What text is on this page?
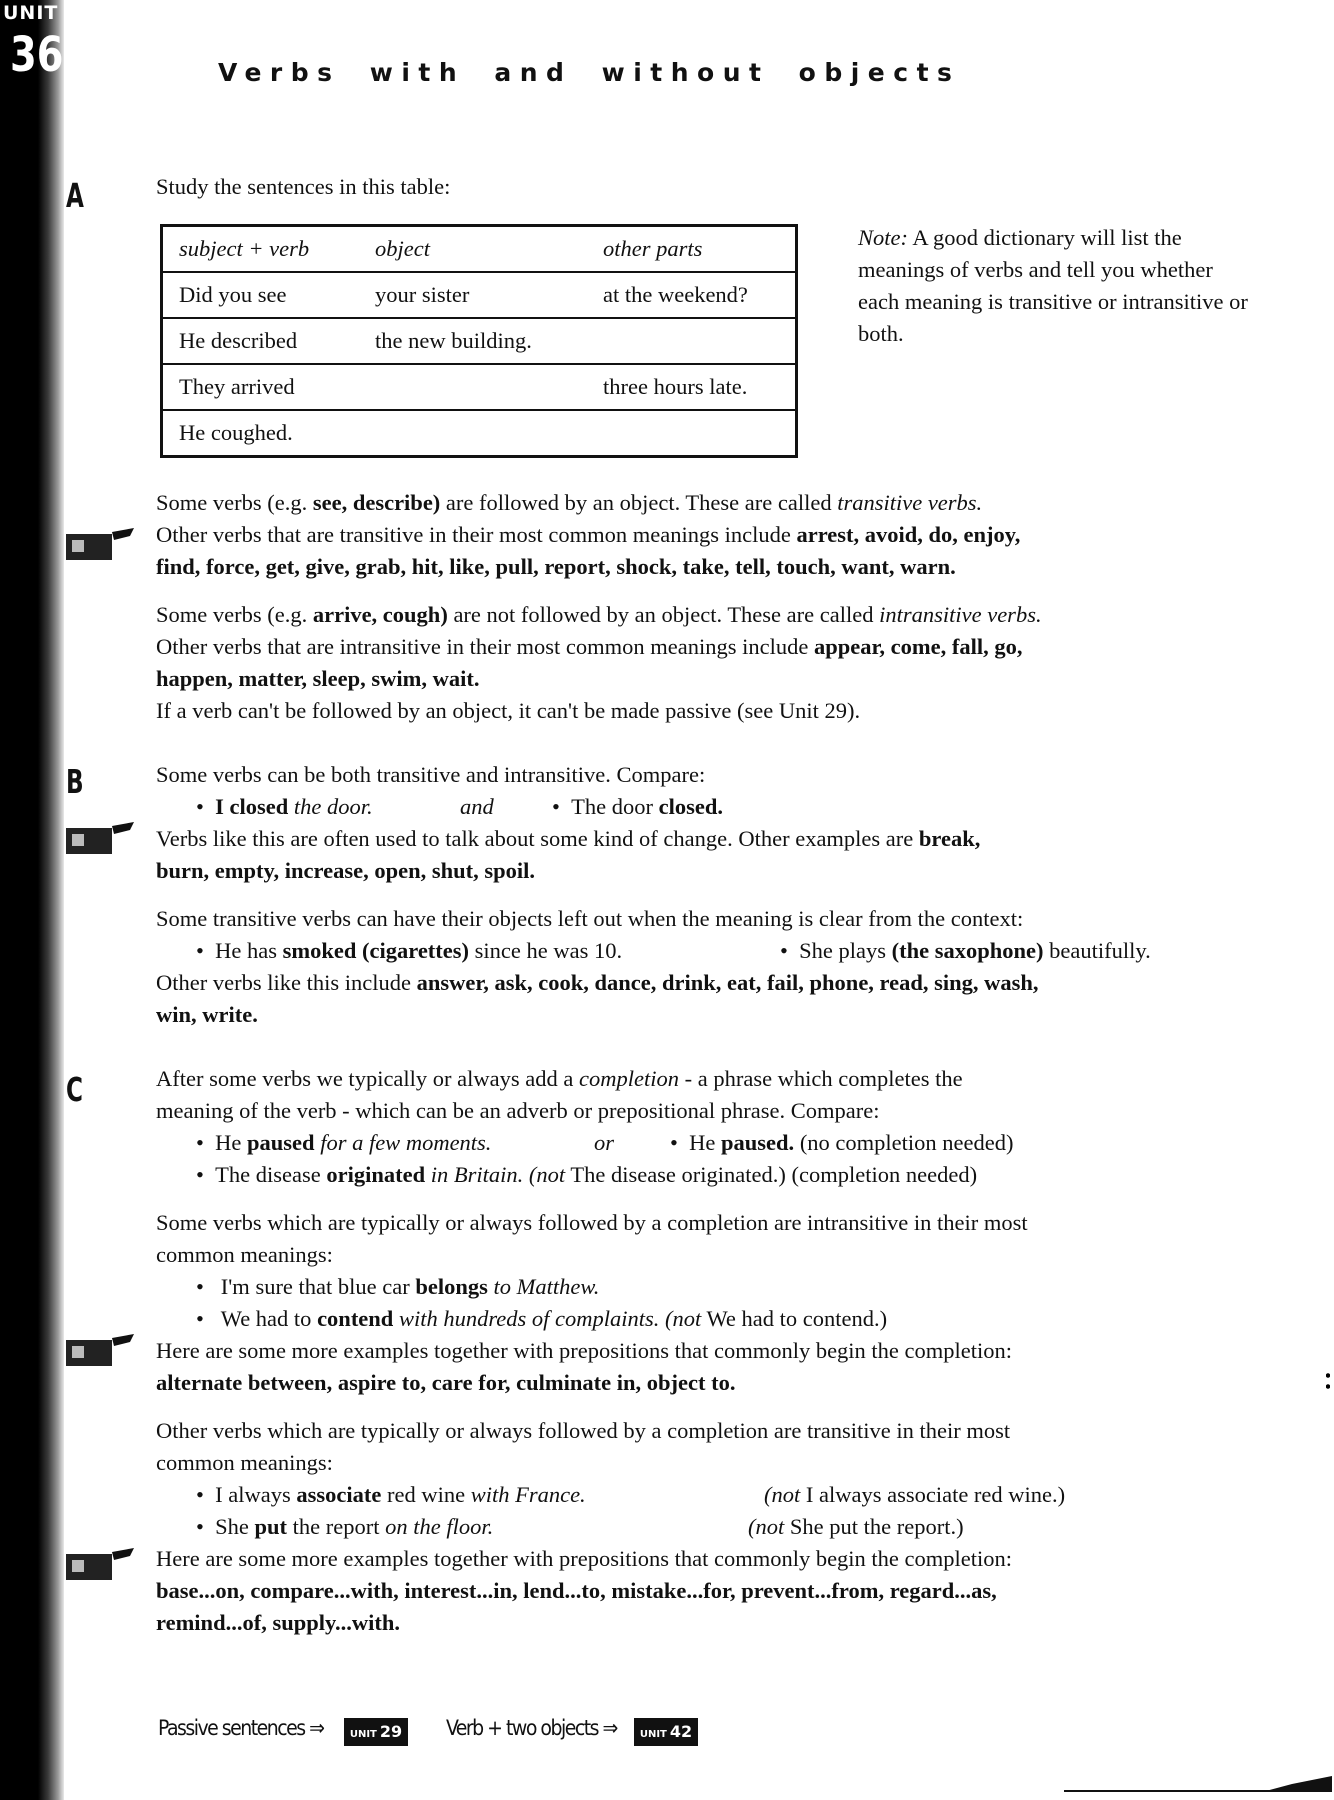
UNIT
36	Verbs with and without objects
A
B
C
Study the sentences in this table:
subject + verb	object	other parts
Did you see	your sister	at the weekend?
He described	the new building.	
They arrived		three hours late.
He coughed.		
Note: A good dictionary will list the meanings of verbs and tell you whether each meaning is transitive or intransitive or both.
Some verbs (e.g. see, describe) are followed by an object. These are called transitive verbs.
Other verbs that are transitive in their most common meanings include arrest, avoid, do, enjoy,
find, force, get, give, grab, hit, like, pull, report, shock, take, tell, touch, want, warn.
Some verbs (e.g. arrive, cough) are not followed by an object. These are called intransitive verbs.
Other verbs that are intransitive in their most common meanings include appear, come, fall, go,
happen, matter, sleep, swim, wait.
If a verb can't be followed by an object, it can't be made passive (see Unit 29).
Some verbs can be both transitive and intransitive. Compare:
•  I closed the door.	and	•  The door closed.
Verbs like this are often used to talk about some kind of change. Other examples are break,
burn, empty, increase, open, shut, spoil.
Some transitive verbs can have their objects left out when the meaning is clear from the context:
•  He has smoked (cigarettes) since he was 10.	•  She plays (the saxophone) beautifully.
Other verbs like this include answer, ask, cook, dance, drink, eat, fail, phone, read, sing, wash,
win, write.
After some verbs we typically or always add a completion - a phrase which completes the
meaning of the verb - which can be an adverb or prepositional phrase. Compare:
•  He paused for a few moments.	or •  He paused. (no completion needed)
•  The disease originated in Britain. (not The disease originated.) (completion needed)
Some verbs which are typically or always followed by a completion are intransitive in their most
common meanings:
•   I'm sure that blue car belongs to Matthew.
•   We had to contend with hundreds of complaints. (not We had to contend.)
Here are some more examples together with prepositions that commonly begin the completion:
alternate between, aspire to, care for, culminate in, object to.
Other verbs which are typically or always followed by a completion are transitive in their most
common meanings:
•  I always associate red wine with France.	(not I always associate red wine.)
•  She put the report on the floor.	(not She put the report.)
Here are some more examples together with prepositions that commonly begin the completion:
base...on, compare...with, interest...in, lend...to, mistake...for, prevent...from, regard...as,
remind...of, supply...with.
Passive sentences ⇒	UNIT 29 Verb + two objects ⇒	UNIT 42
